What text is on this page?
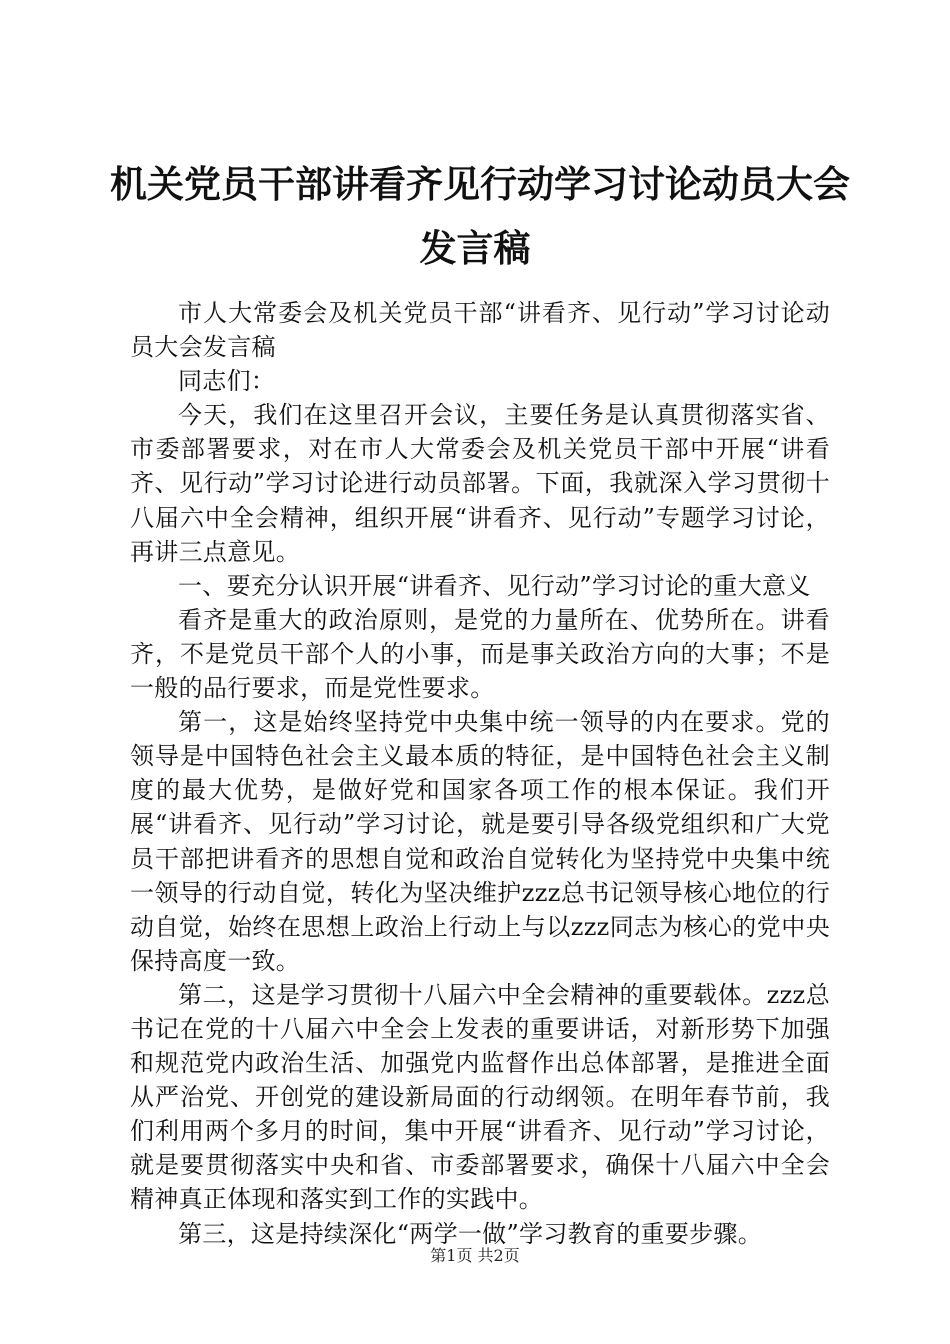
机关党员干部讲看齐见行动学习讨论动员大会
发言稿

市人大常委会及机关党员干部“讲看齐、见行动”学习讨论动员大会发言稿

同志们：

今天，我们在这里召开会议，主要任务是认真贯彻落实省、市委部署要求，对在市人大常委会及机关党员干部中开展“讲看齐、见行动”学习讨论进行动员部署。下面，我就深入学习贯彻十八届六中全会精神，组织开展“讲看齐、见行动”专题学习讨论，再讲三点意见。

一、要充分认识开展“讲看齐、见行动”学习讨论的重大意义

看齐是重大的政治原则，是党的力量所在、优势所在。讲看齐，不是党员干部个人的小事，而是事关政治方向的大事；不是一般的品行要求，而是党性要求。

第一，这是始终坚持党中央集中统一领导的内在要求。党的领导是中国特色社会主义最本质的特征，是中国特色社会主义制度的最大优势，是做好党和国家各项工作的根本保证。我们开展“讲看齐、见行动”学习讨论，就是要引导各级党组织和广大党员干部把讲看齐的思想自觉和政治自觉转化为坚持党中央集中统一领导的行动自觉，转化为坚决维护zzz总书记领导核心地位的行动自觉，始终在思想上政治上行动上与以zzz同志为核心的党中央保持高度一致。

第二，这是学习贯彻十八届六中全会精神的重要载体。zzz总书记在党的十八届六中全会上发表的重要讲话，对新形势下加强和规范党内政治生活、加强党内监督作出总体部署，是推进全面从严治党、开创党的建设新局面的行动纲领。在明年春节前，我们利用两个多月的时间，集中开展“讲看齐、见行动”学习讨论，就是要贯彻落实中央和省、市委部署要求，确保十八届六中全会精神真正体现和落实到工作的实践中。

第三，这是持续深化“两学一做”学习教育的重要步骤。

第1页 共2页
